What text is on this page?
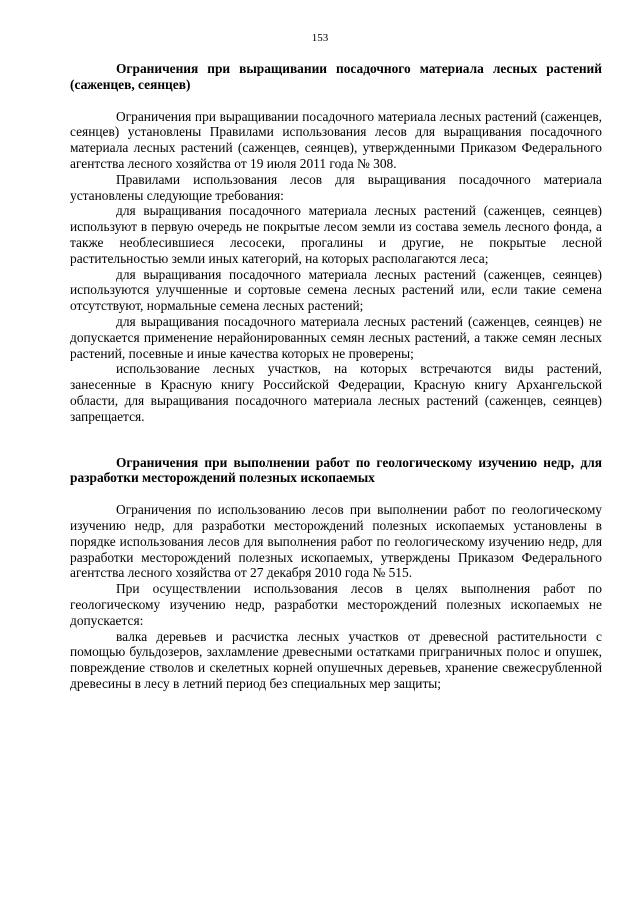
153
Ограничения при выращивании посадочного материала лесных растений (саженцев, сеянцев)

Ограничения при выращивании посадочного материала лесных растений (саженцев, сеянцев) установлены Правилами использования лесов для выращивания посадочного материала лесных растений (саженцев, сеянцев), утвержденными Приказом Федерального агентства лесного хозяйства от 19 июля 2011 года № 308.

Правилами использования лесов для выращивания посадочного материала установлены следующие требования:

для выращивания посадочного материала лесных растений (саженцев, сеянцев) используют в первую очередь не покрытые лесом земли из состава земель лесного фонда, а также необлесившиеся лесосеки, прогалины и другие, не покрытые лесной растительностью земли иных категорий, на которых располагаются леса;

для выращивания посадочного материала лесных растений (саженцев, сеянцев) используются улучшенные и сортовые семена лесных растений или, если такие семена отсутствуют, нормальные семена лесных растений;

для выращивания посадочного материала лесных растений (саженцев, сеянцев) не допускается применение нерайонированных семян лесных растений, а также семян лесных растений, посевные и иные качества которых не проверены;

использование лесных участков, на которых встречаются виды растений, занесенные в Красную книгу Российской Федерации, Красную книгу Архангельской области, для выращивания посадочного материала лесных растений (саженцев, сеянцев) запрещается.

Ограничения при выполнении работ по геологическому изучению недр, для разработки месторождений полезных ископаемых

Ограничения по использованию лесов при выполнении работ по геологическому изучению недр, для разработки месторождений полезных ископаемых установлены в порядке использования лесов для выполнения работ по геологическому изучению недр, для разработки месторождений полезных ископаемых, утверждены Приказом Федерального агентства лесного хозяйства от 27 декабря 2010 года № 515.

При осуществлении использования лесов в целях выполнения работ по геологическому изучению недр, разработки месторождений полезных ископаемых не допускается:

валка деревьев и расчистка лесных участков от древесной растительности с помощью бульдозеров, захламление древесными остатками приграничных полос и опушек, повреждение стволов и скелетных корней опушечных деревьев, хранение свежесрубленной древесины в лесу в летний период без специальных мер защиты;
